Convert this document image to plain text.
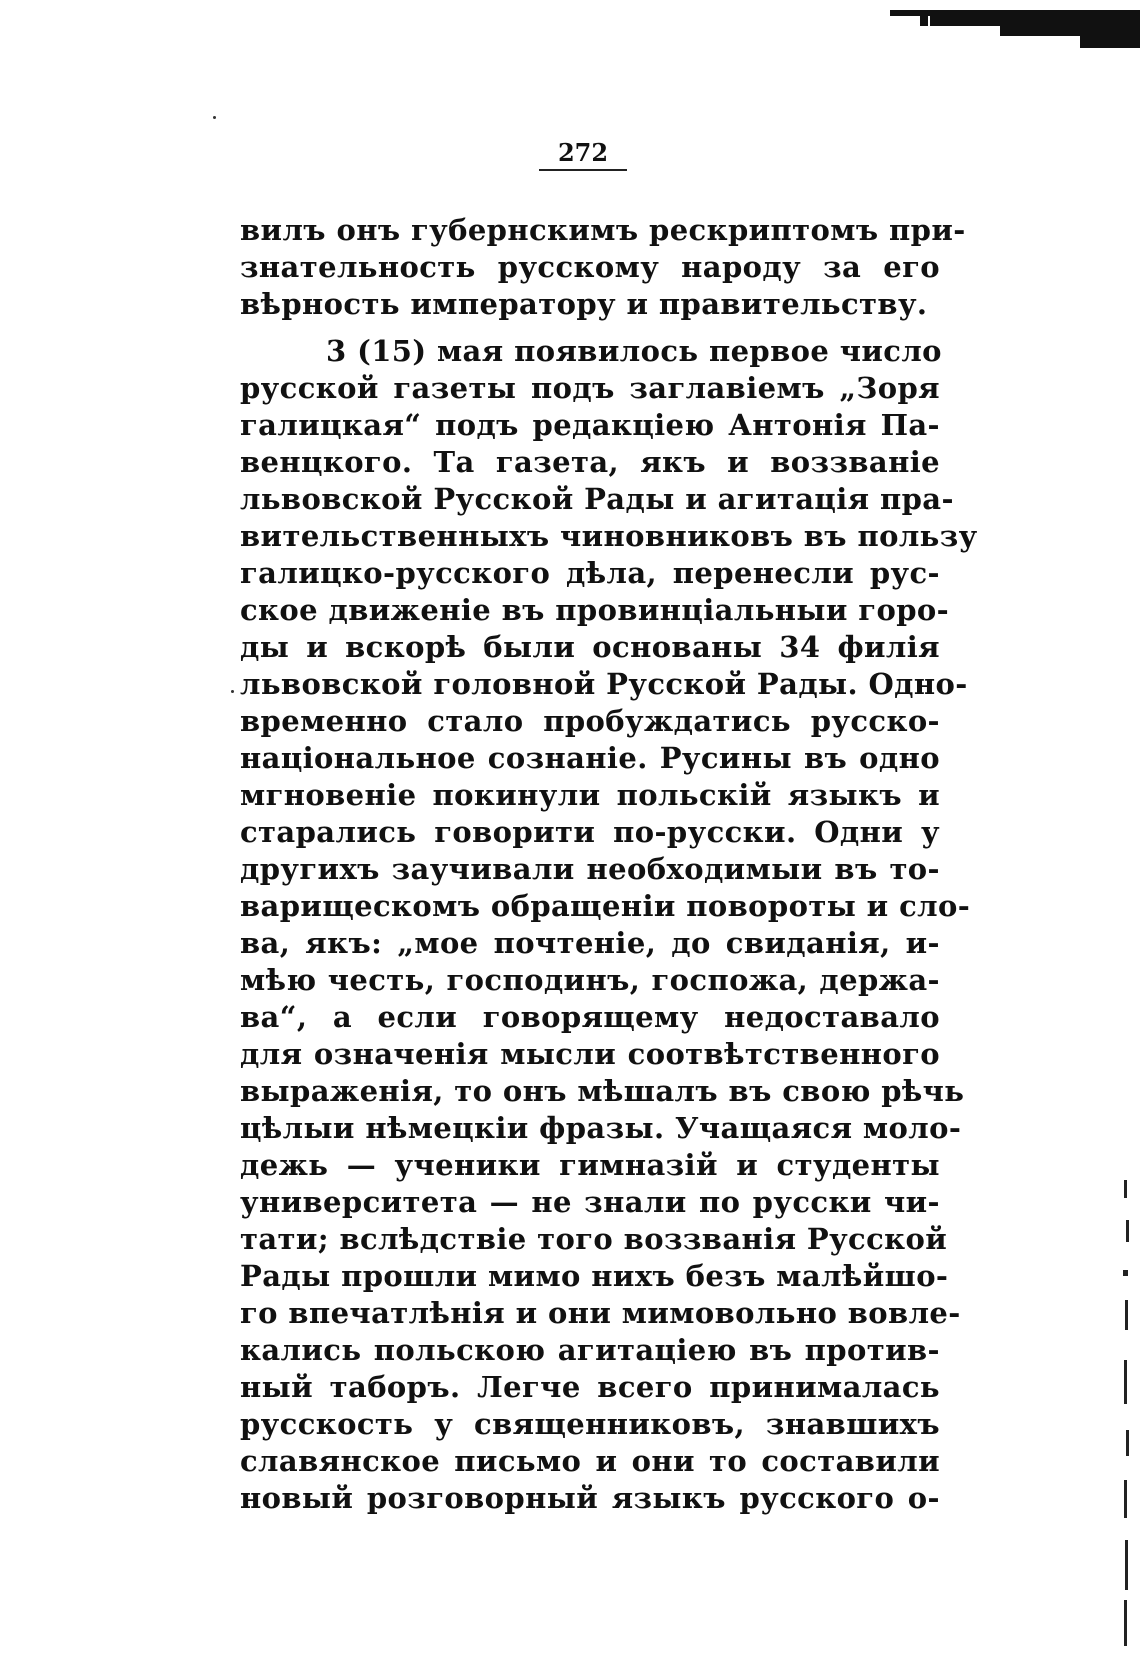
272
вилъ онъ губернскимъ рескриптомъ при-
знательность русскому народу за его
вѣрность императору и правительству.
3 (15) мая появилось первое число
русской газеты подъ заглавіемъ „Зоря
галицкая“ подъ редакціею Антонія Па-
венцкого. Та газета, якъ и воззваніе
львовской Русской Рады и агитація пра-
вительственныхъ чиновниковъ въ пользу
галицко-русского дѣла, перенесли рус-
ское движеніе въ провинціальныи горо-
ды и вскорѣ были основаны 34 филія
львовской головной Русской Рады. Одно-
временно стало пробуждатись русско-
національное сознаніе. Русины въ одно
мгновеніе покинули польскій языкъ и
старались говорити по-русски. Одни у
другихъ заучивали необходимыи въ то-
варищескомъ обращеніи повороты и сло-
ва, якъ: „мое почтеніе, до свиданія, и-
мѣю честь, господинъ, госпожа, держа-
ва“, а если говорящему недоставало
для означенія мысли соотвѣтственного
выраженія, то онъ мѣшалъ въ свою рѣчь
цѣлыи нѣмецкіи фразы. Учащаяся моло-
дежь — ученики гимназій и студенты
университета — не знали по русски чи-
тати; вслѣдствіе того воззванія Русской
Рады прошли мимо нихъ безъ малѣйшо-
го впечатлѣнія и они мимовольно вовле-
кались польскою агитаціею въ против-
ный таборъ. Легче всего принималась
русскость у священниковъ, знавшихъ
славянское письмо и они то составили
новый розговорный языкъ русского о-
